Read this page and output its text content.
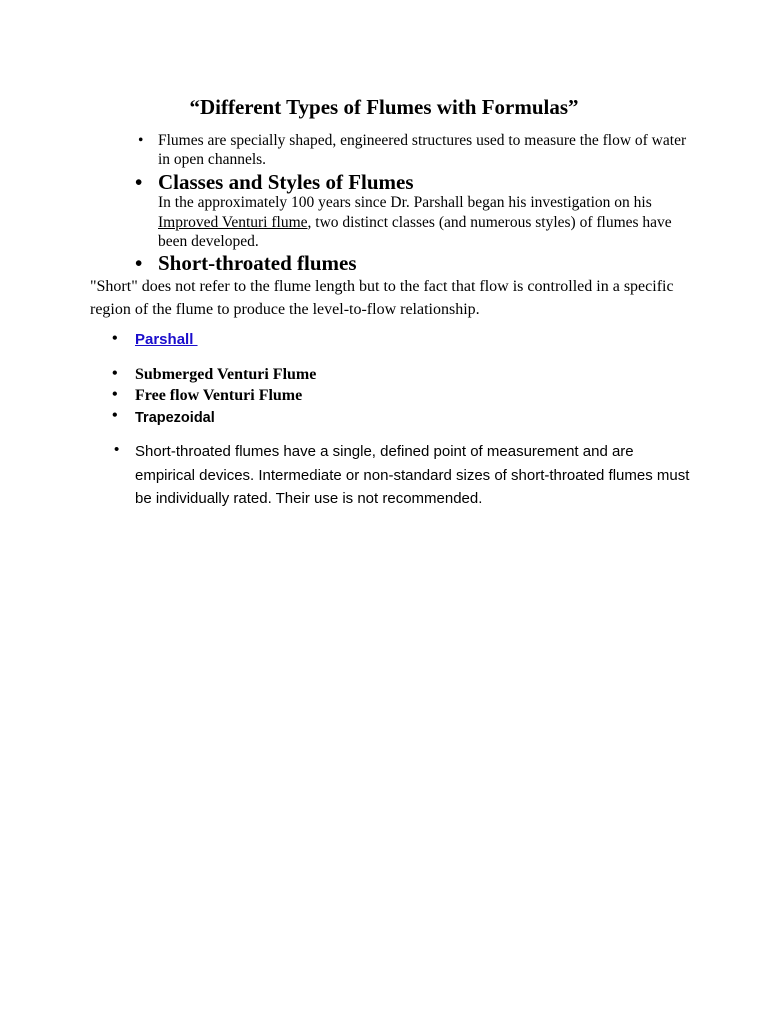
“Different Types of Flumes with Formulas”
• Flumes are specially shaped, engineered structures used to measure the flow of water in open channels.
• Classes and Styles of Flumes
In the approximately 100 years since Dr. Parshall began his investigation on his Improved Venturi flume, two distinct classes (and numerous styles) of flumes have been developed.
• Short-throated flumes
"Short" does not refer to the flume length but to the fact that flow is controlled in a specific region of the flume to produce the level-to-flow relationship.
• Parshall
• Submerged Venturi Flume
• Free flow Venturi Flume
• Trapezoidal
• Short-throated flumes have a single, defined point of measurement and are empirical devices. Intermediate or non-standard sizes of short-throated flumes must be individually rated. Their use is not recommended.
